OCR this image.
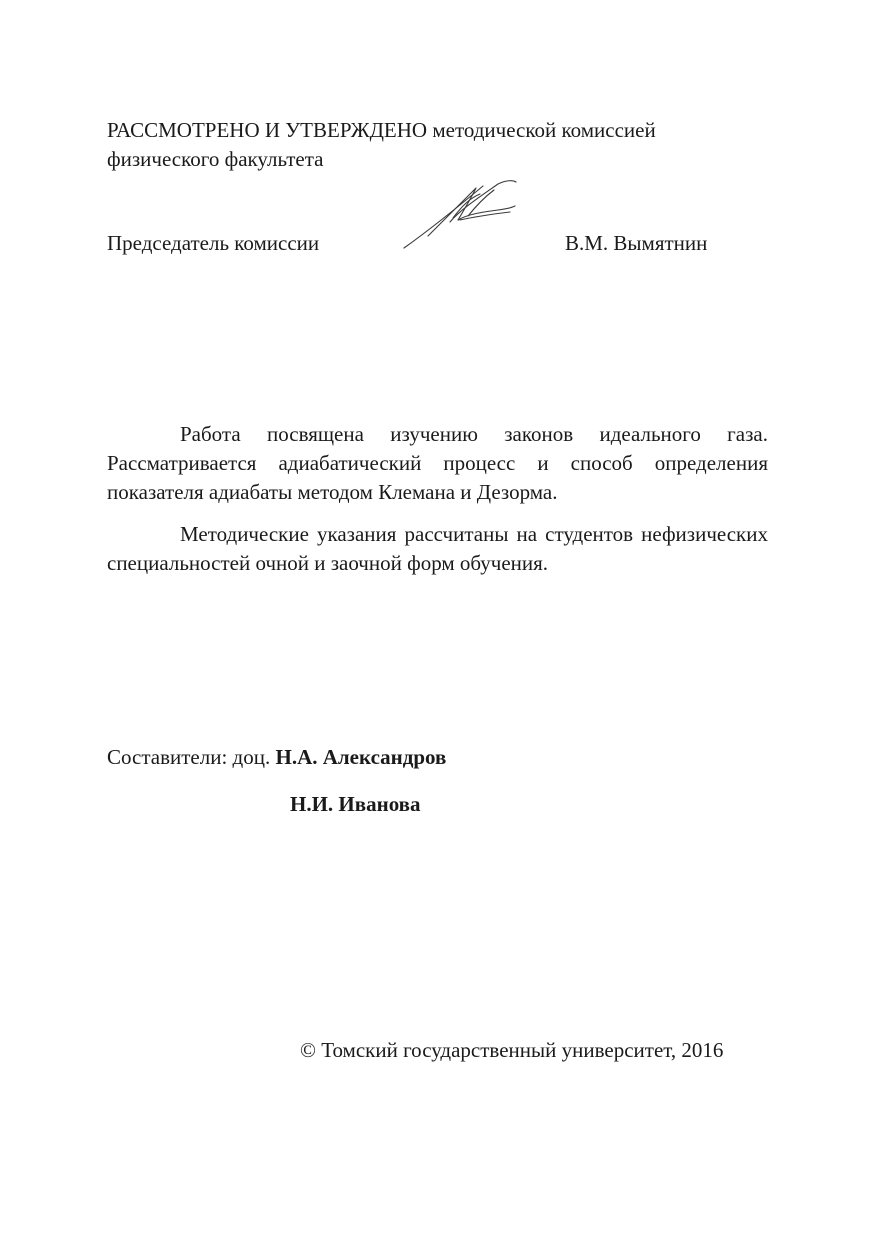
РАССМОТРЕНО И УТВЕРЖДЕНО методической комиссией
физического факультета
Председатель комиссии	В.М. Вымятнин

Работа посвящена изучению законов идеального газа. Рассматривается адиабатический процесс и способ определения показателя адиабаты методом Клемана и Дезорма.

Методические указания рассчитаны на студентов нефизических специальностей очной и заочной форм обучения.

Составители: доц. Н.А. Александров
Н.И. Иванова
© Томский государственный университет, 2016
